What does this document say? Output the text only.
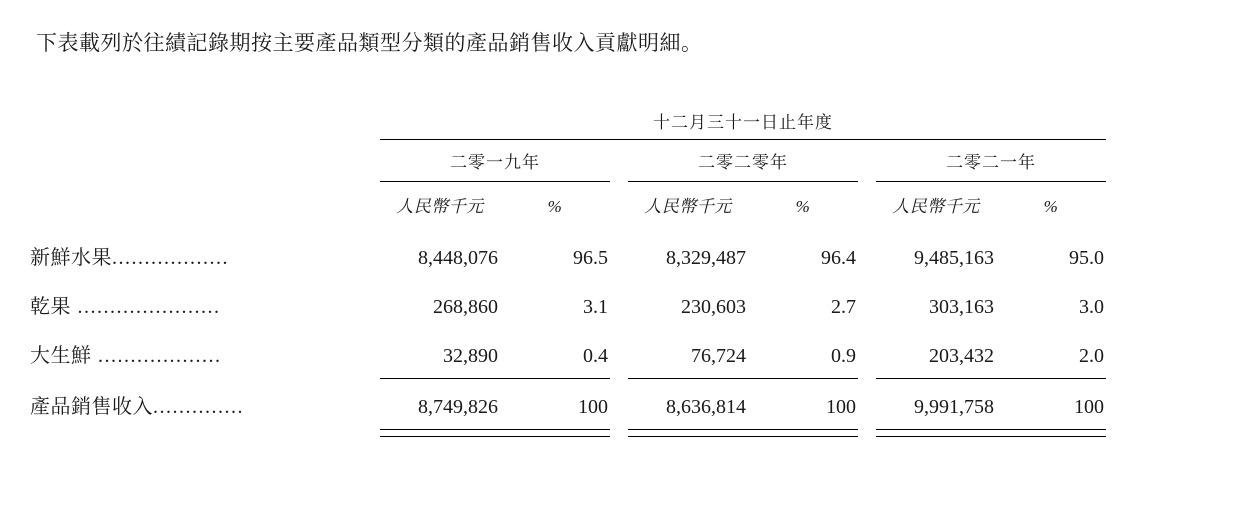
下表載列於往績記錄期按主要產品類型分類的產品銷售收入貢獻明細。
	十二月三十一日止年度							

	二零一九年			二零二零年			二零二一年	

	人民幣千元	%		人民幣千元	%		人民幣千元	%
新鮮水果..................	8,448,076	96.5		8,329,487	96.4		9,485,163	95.0
乾果 ......................	268,860	3.1		230,603	2.7		303,163	3.0
大生鮮 ...................	32,890	0.4		76,724	0.9		203,432	2.0
產品銷售收入..............	8,749,826	100		8,636,814	100		9,991,758	100
